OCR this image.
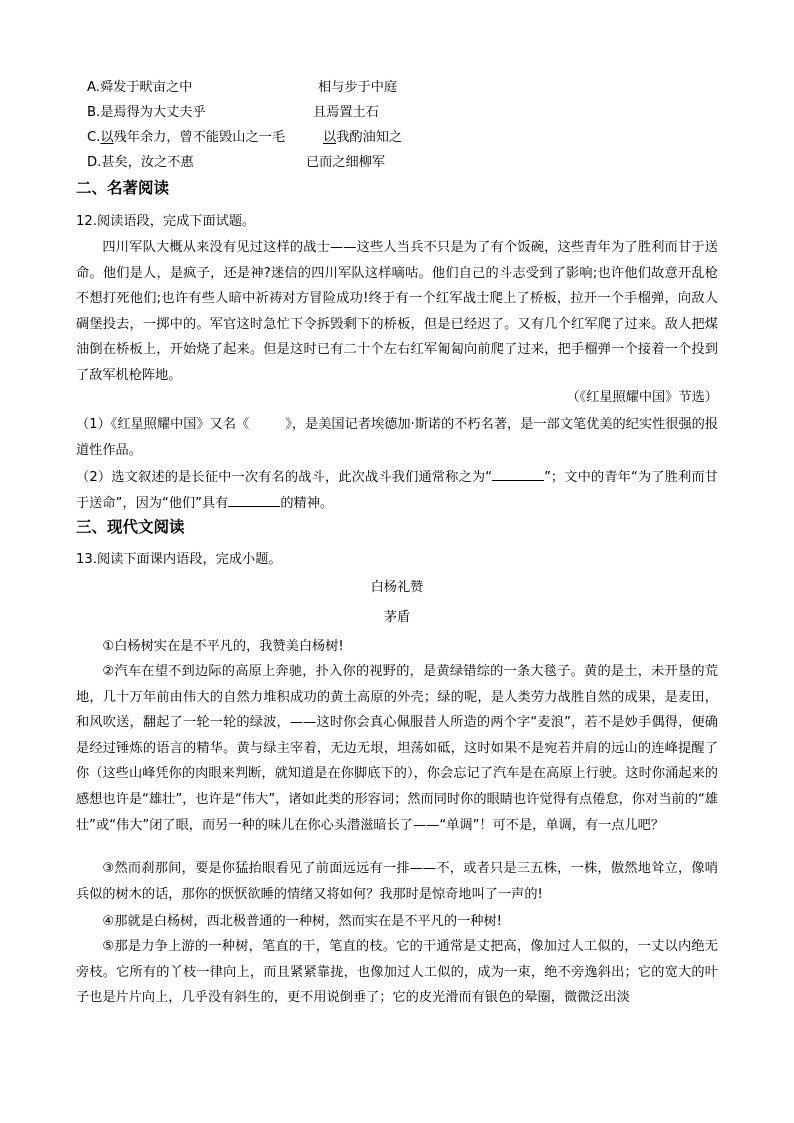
A.舜发于畎亩之中	相与步于中庭
B.是焉得为大丈夫乎	且焉置土石
C.以残年余力，曾不能毁山之一毛	以我酌油知之
D.甚矣，汝之不惠	已而之细柳军
二、名著阅读
12.阅读语段，完成下面试题。
四川军队大概从来没有见过这样的战士——这些人当兵不只是为了有个饭碗，这些青年为了胜利而甘于送命。他们是人，是疯子，还是神?迷信的四川军队这样嘀咕。他们自己的斗志受到了影响;也许他们故意开乱枪不想打死他们;也许有些人暗中祈祷对方冒险成功!终于有一个红军战士爬上了桥板，拉开一个手榴弹，向敌人碉堡投去，一掷中的。军官这时急忙下令拆毁剩下的桥板，但是已经迟了。又有几个红军爬了过来。敌人把煤油倒在桥板上，开始烧了起来。但是这时已有二十个左右红军匍匐向前爬了过来，把手榴弹一个接着一个投到了敌军机枪阵地。
（《红星照耀中国》节选）
（1）《红星照耀中国》又名《	》，是美国记者埃德加·斯诺的不朽名著，是一部文笔优美的纪实性很强的报道性作品。
（2）选文叙述的是长征中一次有名的战斗，此次战斗我们通常称之为“	”；文中的青年“为了胜利而甘于送命”，因为“他们”具有	的精神。
三、现代文阅读
13.阅读下面课内语段，完成小题。
白杨礼赞
茅盾
①白杨树实在是不平凡的，我赞美白杨树!
②汽车在望不到边际的高原上奔驰，扑入你的视野的，是黄绿错综的一条大毯子。黄的是土，未开垦的荒地，几十万年前由伟大的自然力堆积成功的黄土高原的外壳；绿的呢，是人类劳力战胜自然的成果，是麦田，和风吹送，翻起了一轮一轮的绿波，——这时你会真心佩服昔人所造的两个字“麦浪”，若不是妙手偶得，便确是经过锤炼的语言的精华。黄与绿主宰着，无边无垠，坦荡如砥，这时如果不是宛若并肩的远山的连峰提醒了你（这些山峰凭你的肉眼来判断，就知道是在你脚底下的），你会忘记了汽车是在高原上行驶。这时你涌起来的感想也许是“雄壮”，也许是“伟大”，诸如此类的形容词；然而同时你的眼睛也许觉得有点倦怠，你对当前的“雄壮”或“伟大”闭了眼，而另一种的味儿在你心头潜滋暗长了——“单调”！可不是，单调，有一点儿吧？
③然而刹那间，要是你猛抬眼看见了前面远远有一排——不，或者只是三五株，一株，傲然地耸立，像哨兵似的树木的话，那你的恹恹欲睡的情绪又将如何？我那时是惊奇地叫了一声的!
④那就是白杨树，西北极普通的一种树，然而实在是不平凡的一种树!
⑤那是力争上游的一种树，笔直的干，笔直的枝。它的干通常是丈把高，像加过人工似的，一丈以内绝无旁枝。它所有的丫枝一律向上，而且紧紧靠拢，也像加过人工似的，成为一束，绝不旁逸斜出；它的宽大的叶子也是片片向上，几乎没有斜生的，更不用说倒垂了；它的皮光滑而有银色的晕圈，微微泛出淡
